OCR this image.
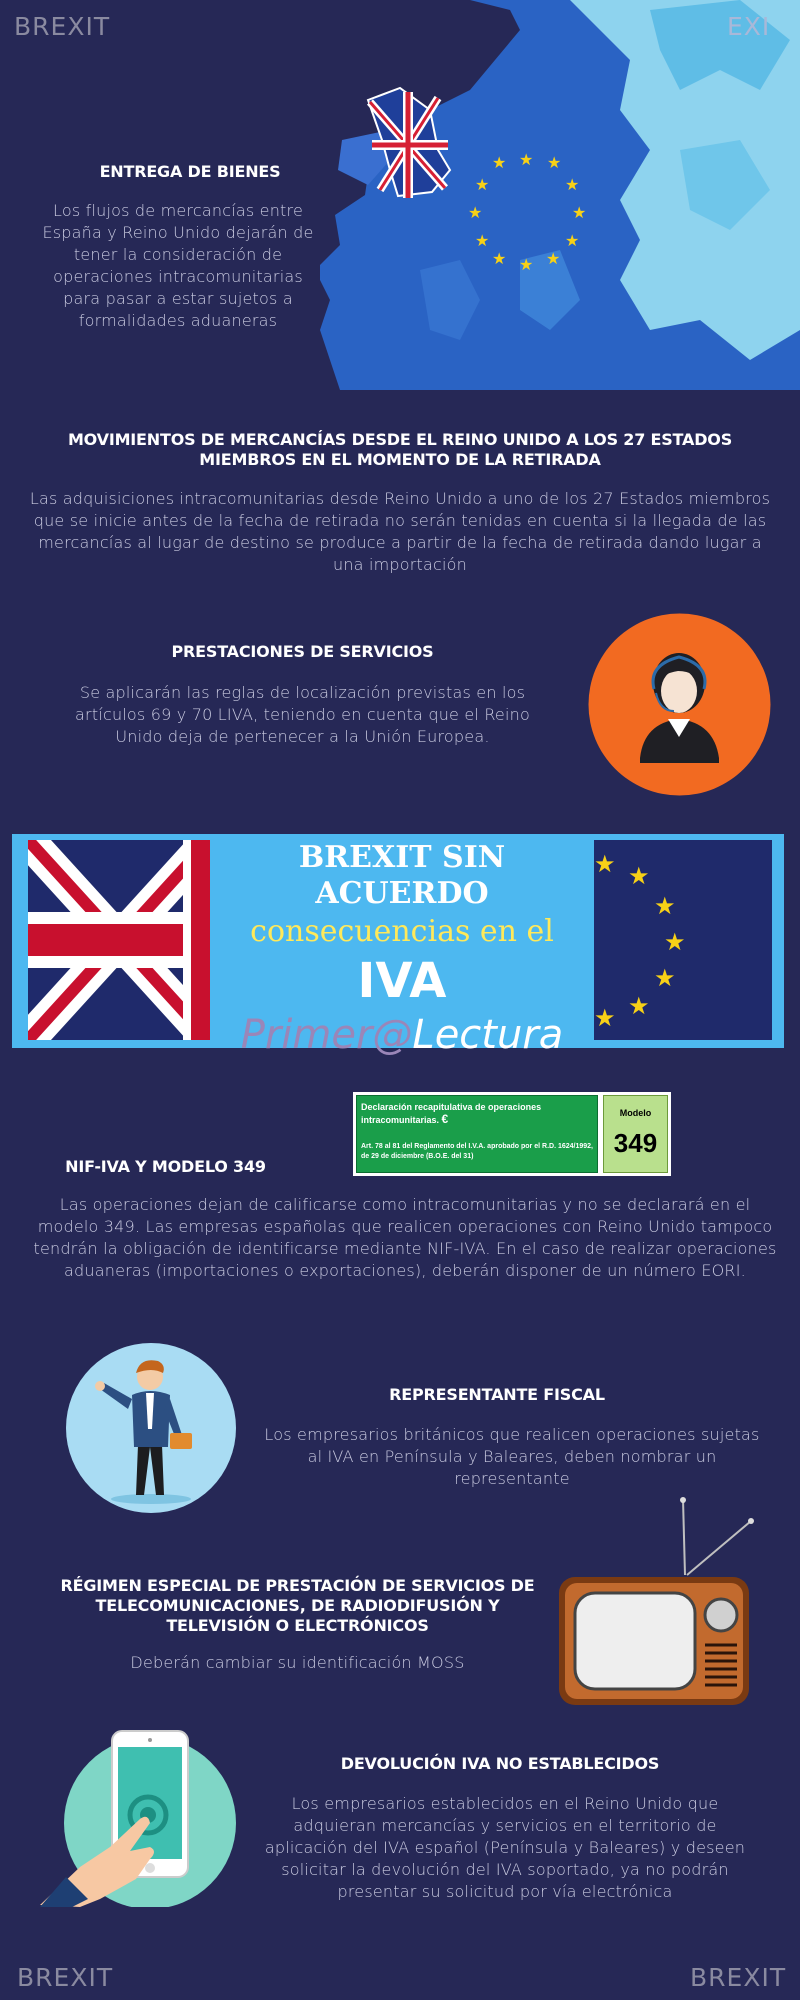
BREXIT
★ ★ ★
★
★
★
★
★
★
★
★
★
EXI
ENTREGA DE BIENES
Los flujos de mercancías entre España y Reino Unido dejarán de tener la consideración de operaciones intracomunitarias para pasar a estar sujetos a formalidades aduaneras
MOVIMIENTOS DE MERCANCÍAS DESDE EL REINO UNIDO A LOS 27 ESTADOS MIEMBROS EN EL MOMENTO DE LA RETIRADA
Las adquisiciones intracomunitarias desde Reino Unido a uno de los 27 Estados miembros que se inicie antes de la fecha de retirada no serán tenidas en cuenta si la llegada de las mercancías al lugar de destino se produce a partir de la fecha de retirada dando lugar a una importación
PRESTACIONES DE SERVICIOS
Se aplicarán las reglas de localización previstas en los artículos 69 y 70 LIVA, teniendo en cuenta que el Reino Unido deja de pertenecer a la Unión Europea.
★ ★
★
★
★
★
★
BREXIT SIN ACUERDO
consecuencias en el
IVA
Primer@Lectura
Declaración recapitulativa de operaciones intracomunitarias. €
Art. 78 al 81 del Reglamento del I.V.A. aprobado por el R.D. 1624/1992, de 29 de diciembre (B.O.E. del 31)
Modelo
349
NIF-IVA Y MODELO 349
Las operaciones dejan de calificarse como intracomunitarias y no se declarará en el modelo 349. Las empresas españolas que realicen operaciones con Reino Unido tampoco tendrán la obligación de identificarse mediante NIF-IVA. En el caso de realizar operaciones aduaneras (importaciones o exportaciones), deberán disponer de un número EORI.
REPRESENTANTE FISCAL
Los empresarios británicos que realicen operaciones sujetas al IVA en Península y Baleares, deben nombrar un representante
RÉGIMEN ESPECIAL DE PRESTACIÓN DE SERVICIOS DE TELECOMUNICACIONES, DE RADIODIFUSIÓN Y TELEVISIÓN O ELECTRÓNICOS
Deberán cambiar su identificación MOSS
DEVOLUCIÓN IVA NO ESTABLECIDOS
Los empresarios establecidos en el Reino Unido que adquieran mercancías y servicios en el territorio de aplicación del IVA español (Península y Baleares) y deseen solicitar la devolución del IVA soportado, ya no podrán presentar su solicitud por vía electrónica
BREXIT	BREXIT
